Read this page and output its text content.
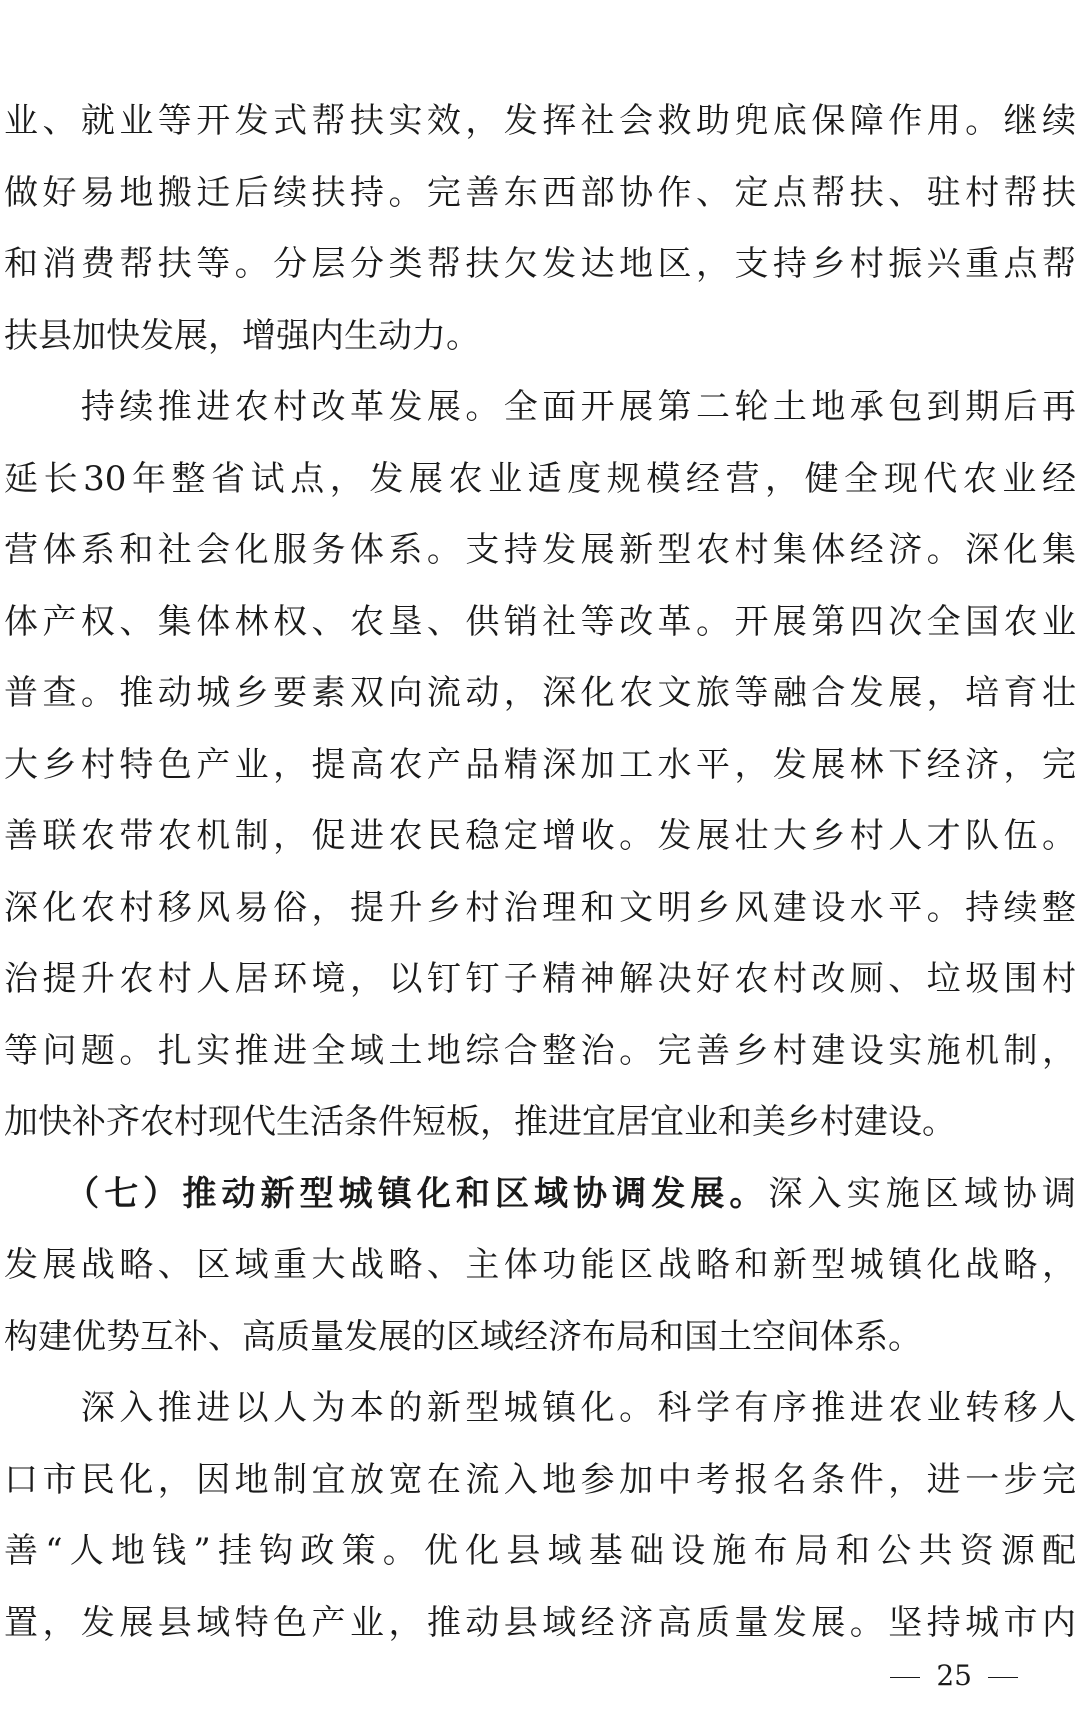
业、就业等开发式帮扶实效，发挥社会救助兜底保障作用。继续
做好易地搬迁后续扶持。完善东西部协作、定点帮扶、驻村帮扶
和消费帮扶等。分层分类帮扶欠发达地区，支持乡村振兴重点帮
扶县加快发展，增强内生动力。
　　持续推进农村改革发展。全面开展第二轮土地承包到期后再
延长30年整省试点，发展农业适度规模经营，健全现代农业经
营体系和社会化服务体系。支持发展新型农村集体经济。深化集
体产权、集体林权、农垦、供销社等改革。开展第四次全国农业
普查。推动城乡要素双向流动，深化农文旅等融合发展，培育壮
大乡村特色产业，提高农产品精深加工水平，发展林下经济，完
善联农带农机制，促进农民稳定增收。发展壮大乡村人才队伍。
深化农村移风易俗，提升乡村治理和文明乡风建设水平。持续整
治提升农村人居环境，以钉钉子精神解决好农村改厕、垃圾围村
等问题。扎实推进全域土地综合整治。完善乡村建设实施机制，
加快补齐农村现代生活条件短板，推进宜居宜业和美乡村建设。
　　（七）推动新型城镇化和区域协调发展。深入实施区域协调
发展战略、区域重大战略、主体功能区战略和新型城镇化战略，
构建优势互补、高质量发展的区域经济布局和国土空间体系。
　　深入推进以人为本的新型城镇化。科学有序推进农业转移人
口市民化，因地制宜放宽在流入地参加中考报名条件，进一步完
善“人地钱”挂钩政策。优化县域基础设施布局和公共资源配
置，发展县域特色产业，推动县域经济高质量发展。坚持城市内
25
